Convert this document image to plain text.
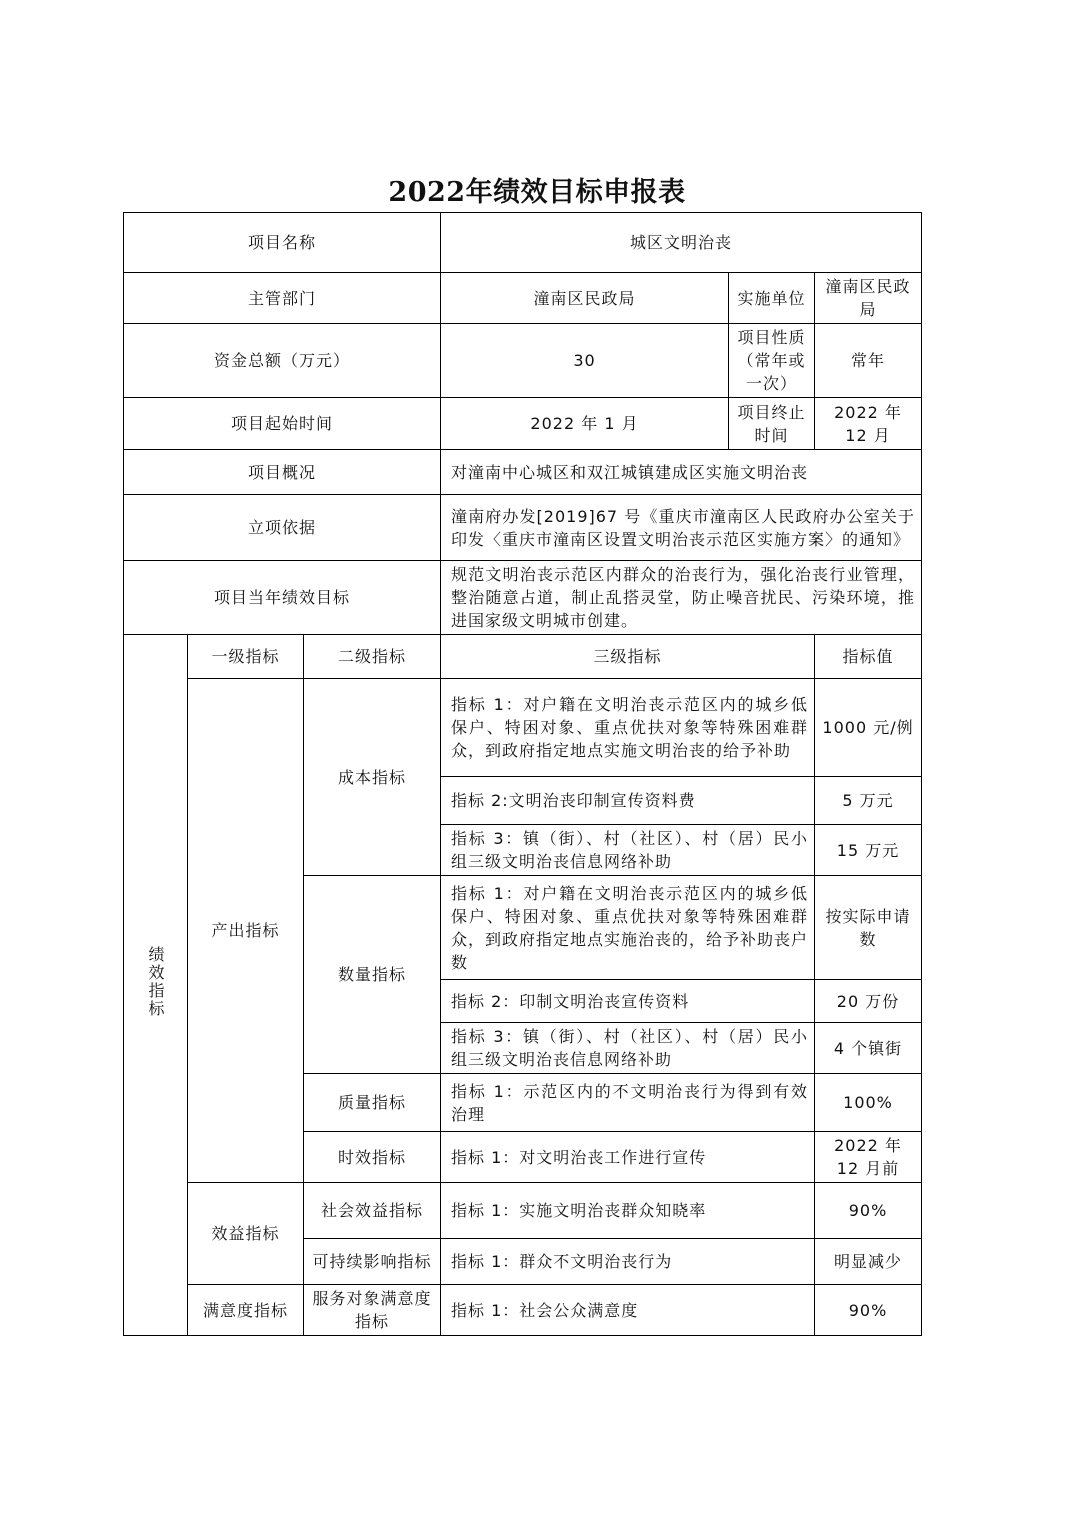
2022年绩效目标申报表
项目名称			城区文明治丧		
主管部门			潼南区民政局	实施单位	潼南区民政局
资金总额（万元）			30	项目性质（常年或一次）	常年
项目起始时间			2022 年 1 月	项目终止时间	2022 年 12 月
项目概况			对潼南中心城区和双江城镇建成区实施文明治丧		
立项依据			潼南府办发[2019]67 号《重庆市潼南区人民政府办公室关于印发〈重庆市潼南区设置文明治丧示范区实施方案〉的通知》		
项目当年绩效目标			规范文明治丧示范区内群众的治丧行为，强化治丧行业管理，整治随意占道，制止乱搭灵堂，防止噪音扰民、污染环境，推进国家级文明城市创建。		
绩效指标	一级指标	二级指标	三级指标		指标值
	产出指标	成本指标	指标 1：对户籍在文明治丧示范区内的城乡低保户、特困对象、重点优扶对象等特殊困难群众，到政府指定地点实施文明治丧的给予补助		1000 元/例
			指标 2:文明治丧印制宣传资料费		5 万元
			指标 3：镇（街）、村（社区）、村（居）民小组三级文明治丧信息网络补助		15 万元
		数量指标	指标 1：对户籍在文明治丧示范区内的城乡低保户、特困对象、重点优扶对象等特殊困难群众，到政府指定地点实施治丧的，给予补助丧户数		按实际申请数
			指标 2：印制文明治丧宣传资料		20 万份
			指标 3：镇（街）、村（社区）、村（居）民小组三级文明治丧信息网络补助		4 个镇街
		质量指标	指标 1：示范区内的不文明治丧行为得到有效治理		100%
		时效指标	指标 1：对文明治丧工作进行宣传		2022 年 12 月前
	效益指标	社会效益指标	指标 1：实施文明治丧群众知晓率		90%
		可持续影响指标	指标 1：群众不文明治丧行为		明显减少
	满意度指标	服务对象满意度指标	指标 1：社会公众满意度		90%
